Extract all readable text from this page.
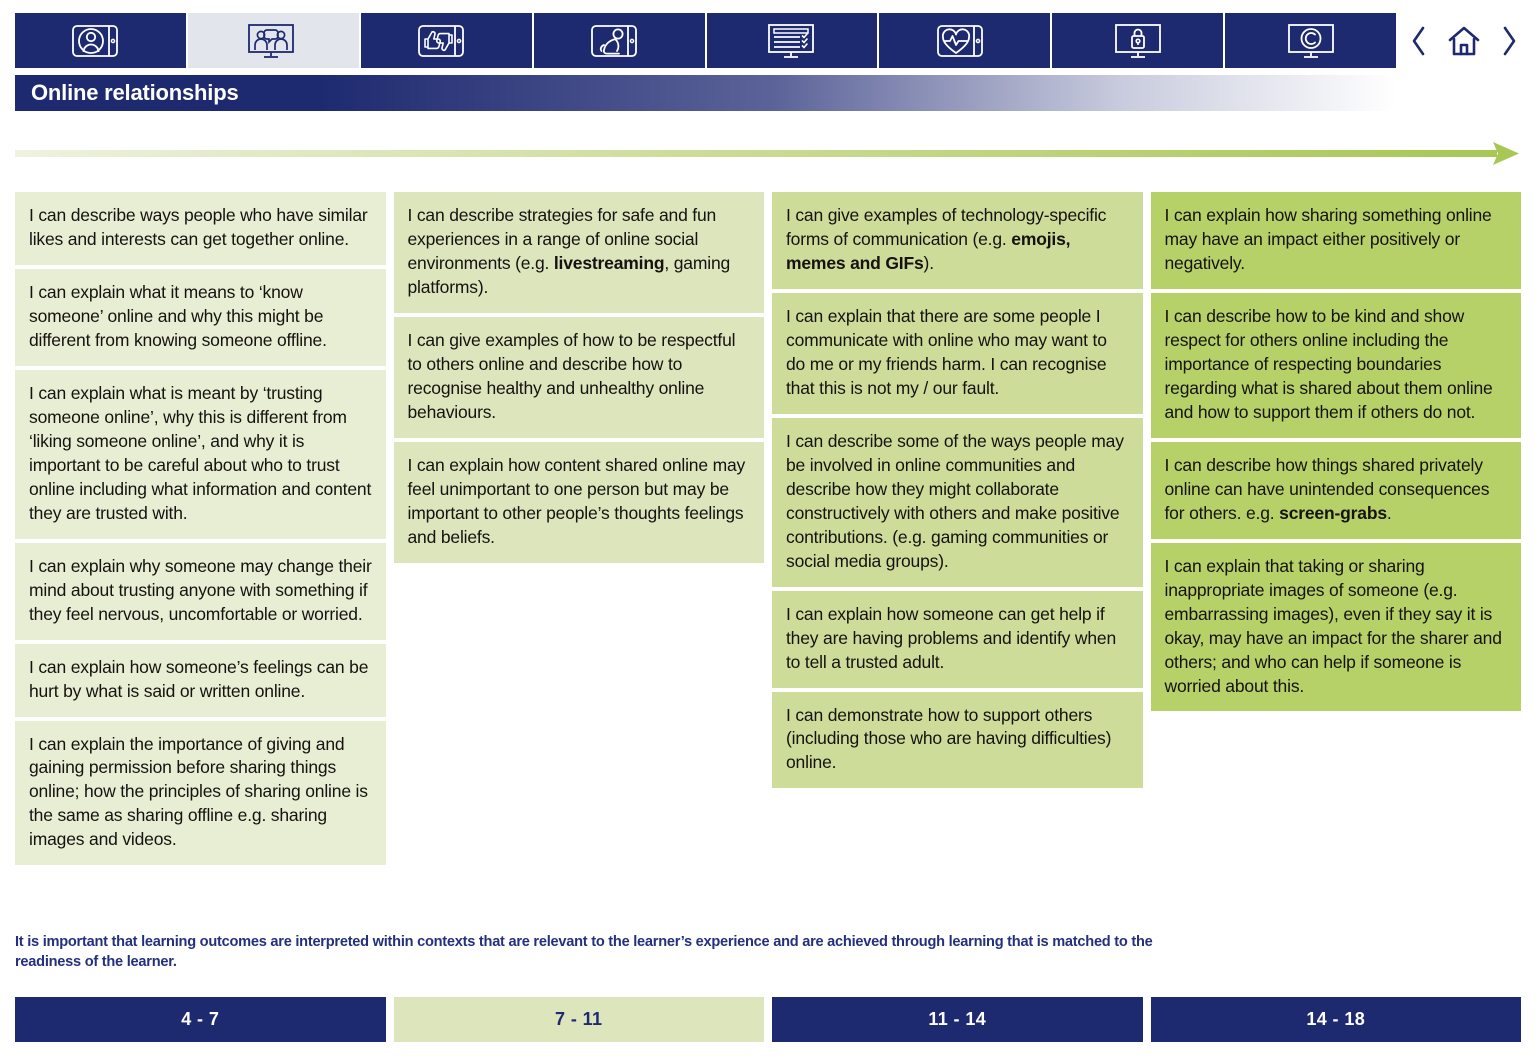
Online relationships
I can describe ways people who have similar likes and interests can get together online.
I can explain what it means to ‘know someone’ online and why this might be different from knowing someone offline.
I can explain what is meant by ‘trusting someone online’, why this is different from ‘liking someone online’, and why it is important to be careful about who to trust online including what information and content they are trusted with.
I can explain why someone may change their mind about trusting anyone with something if they feel nervous, uncomfortable or worried.
I can explain how someone’s feelings can be hurt by what is said or written online.
I can explain the importance of giving and gaining permission before sharing things online; how the principles of sharing online is the same as sharing offline e.g. sharing images and videos.
I can describe strategies for safe and fun experiences in a range of online social environments (e.g. livestreaming, gaming platforms).
I can give examples of how to be respectful to others online and describe how to recognise healthy and unhealthy online behaviours.
I can explain how content shared online may feel unimportant to one person but may be important to other people’s thoughts feelings and beliefs.
I can give examples of technology-specific forms of communication (e.g. emojis, memes and GIFs).
I can explain that there are some people I communicate with online who may want to do me or my friends harm. I can recognise that this is not my / our fault.
I can describe some of the ways people may be involved in online communities and describe how they might collaborate constructively with others and make positive contributions. (e.g. gaming communities or social media groups).
I can explain how someone can get help if they are having problems and identify when to tell a trusted adult.
I can demonstrate how to support others (including those who are having difficulties) online.
I can explain how sharing something online may have an impact either positively or negatively.
I can describe how to be kind and show respect for others online including the importance of respecting boundaries regarding what is shared about them online and how to support them if others do not.
I can describe how things shared privately online can have unintended consequences for others. e.g. screen-grabs.
I can explain that taking or sharing inappropriate images of someone (e.g. embarrassing images), even if they say it is okay, may have an impact for the sharer and others; and who can help if someone is worried about this.
It is important that learning outcomes are interpreted within contexts that are relevant to the learner’s experience and are achieved through learning that is matched to the readiness of the learner.
4 - 7	7 - 11	11 - 14	14 - 18
